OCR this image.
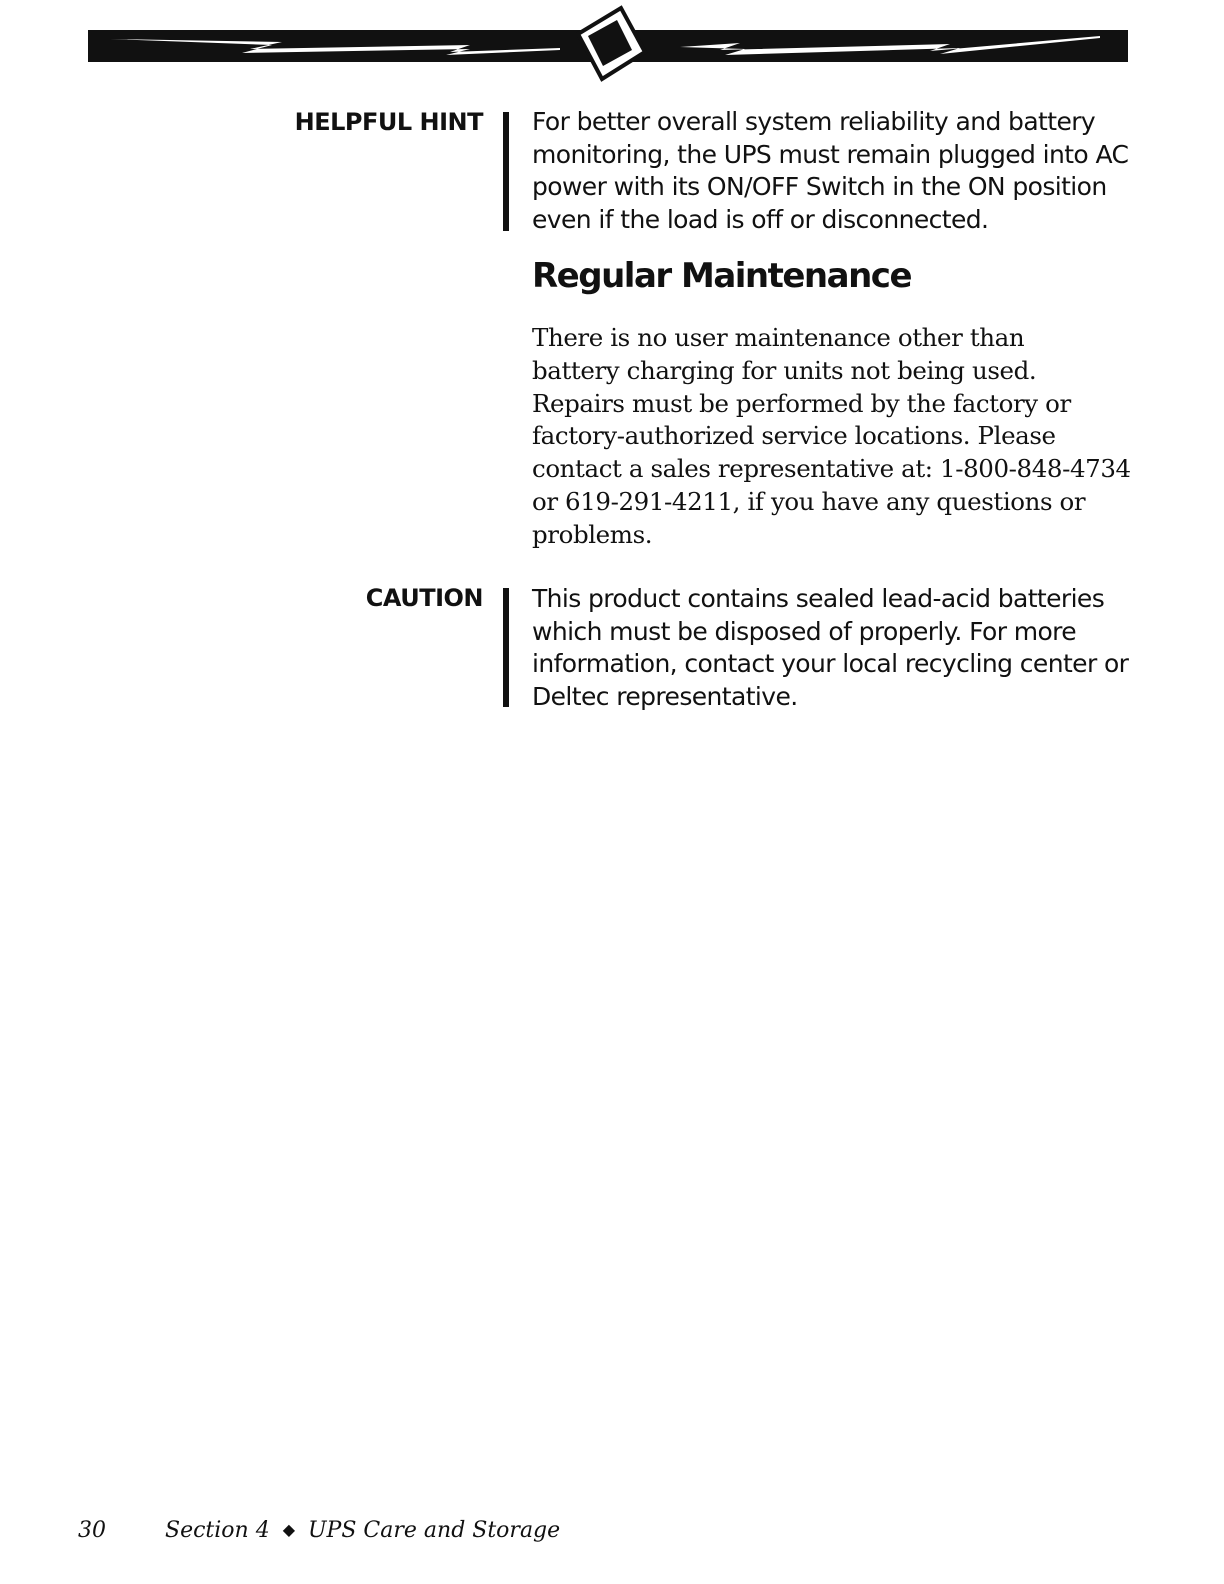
HELPFUL HINT For better overall system reliability and battery
monitoring, the UPS must remain plugged into AC
power with its ON/OFF Switch in the ON position
even if the load is off or disconnected.
Regular Maintenance
There is no user maintenance other than
battery charging for units not being used.
Repairs must be performed by the factory or
factory-authorized service locations. Please
contact a sales representative at: 1-800-848-4734
or 619-291-4211, if you have any questions or
problems.
CAUTION This product contains sealed lead-acid batteries
which must be disposed of properly. For more
information, contact your local recycling center or
Deltec representative.
30	Section 4 ◆ UPS Care and Storage
